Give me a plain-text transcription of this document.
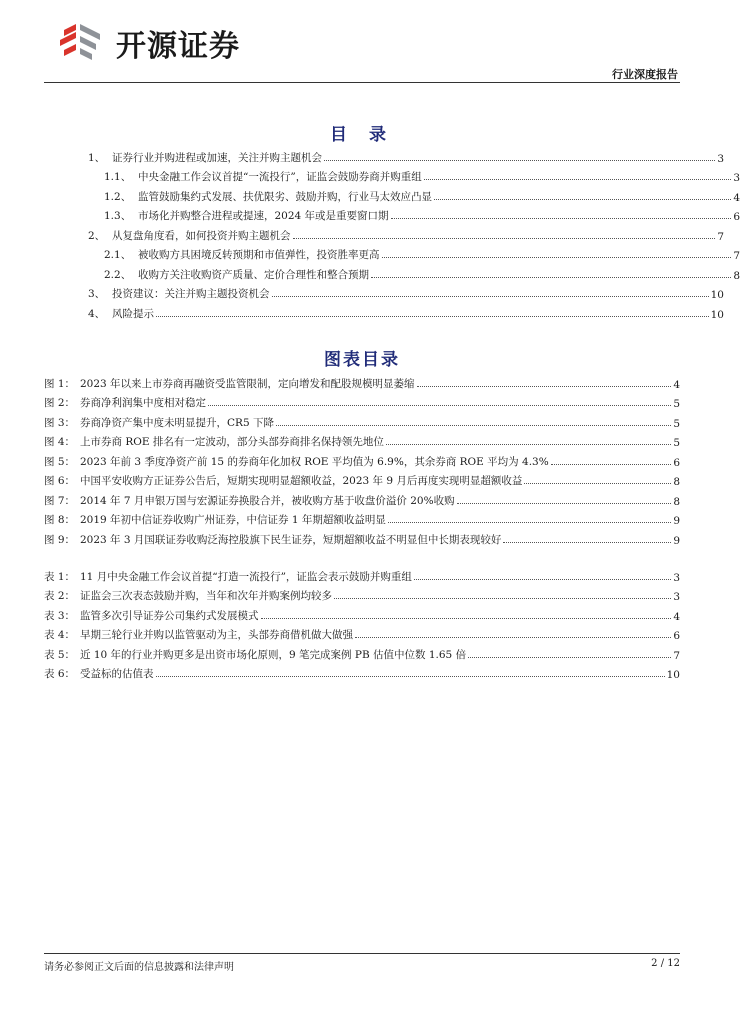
开源证券
行业深度报告
目 录
1、 证券行业并购进程或加速，关注并购主题机会	3
1.1、 中央金融工作会议首提“一流投行”，证监会鼓励券商并购重组	3
1.2、 监管鼓励集约式发展、扶优限劣、鼓励并购，行业马太效应凸显	4
1.3、 市场化并购整合进程或提速，2024 年或是重要窗口期	6
2、 从复盘角度看，如何投资并购主题机会	7
2.1、 被收购方具困境反转预期和市值弹性，投资胜率更高	7
2.2、 收购方关注收购资产质量、定价合理性和整合预期	8
3、 投资建议：关注并购主题投资机会	10
4、 风险提示	10
图表目录
图 1： 2023 年以来上市券商再融资受监管限制，定向增发和配股规模明显萎缩	4
图 2： 券商净利润集中度相对稳定	5
图 3： 券商净资产集中度未明显提升，CR5 下降	5
图 4： 上市券商 ROE 排名有一定波动，部分头部券商排名保持领先地位	5
图 5： 2023 年前 3 季度净资产前 15 的券商年化加权 ROE 平均值为 6.9%，其余券商 ROE 平均为 4.3%	6
图 6： 中国平安收购方正证券公告后，短期实现明显超额收益，2023 年 9 月后再度实现明显超额收益	8
图 7： 2014 年 7 月申银万国与宏源证券换股合并，被收购方基于收盘价溢价 20%收购	8
图 8： 2019 年初中信证券收购广州证券，中信证券 1 年期超额收益明显	9
图 9： 2023 年 3 月国联证券收购泛海控股旗下民生证券，短期超额收益不明显但中长期表现较好	9
表 1： 11 月中央金融工作会议首提“打造一流投行”，证监会表示鼓励并购重组	3
表 2： 证监会三次表态鼓励并购，当年和次年并购案例均较多	3
表 3： 监管多次引导证券公司集约式发展模式	4
表 4： 早期三轮行业并购以监管驱动为主，头部券商借机做大做强	6
表 5： 近 10 年的行业并购更多是出资市场化原则，9 笔完成案例 PB 估值中位数 1.65 倍	7
表 6： 受益标的估值表	10
请务必参阅正文后面的信息披露和法律声明	2 / 12
